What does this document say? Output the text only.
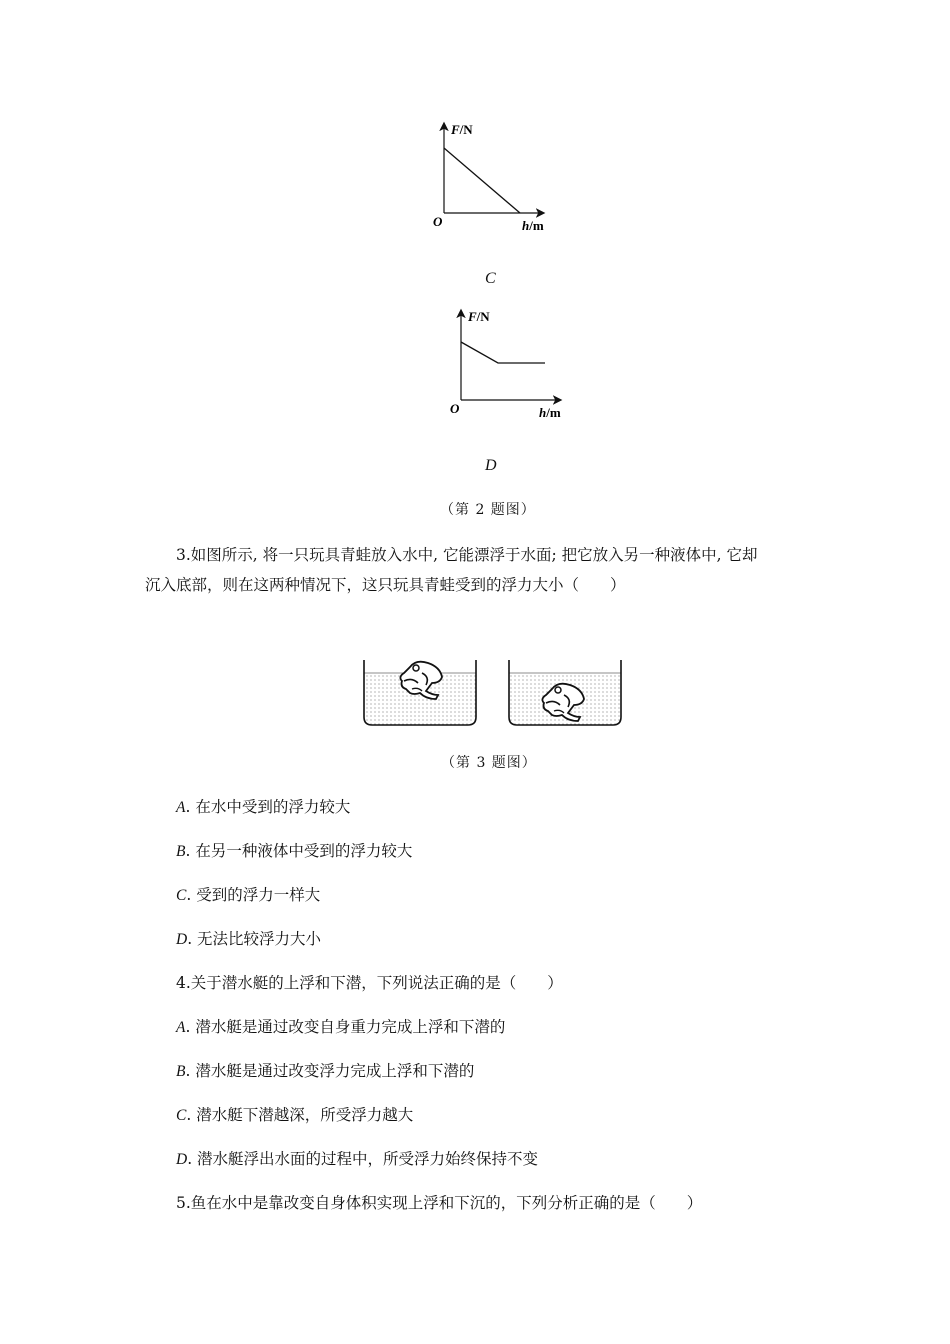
F/N
O	h/m
C
F/N
O	h/m
D
（第 2 题图）
3.如图所示, 将一只玩具青蛙放入水中, 它能漂浮于水面; 把它放入另一种液体中, 它却
沉入底部，则在这两种情况下，这只玩具青蛙受到的浮力大小（　　）
（第 3 题图）
A. 在水中受到的浮力较大
B. 在另一种液体中受到的浮力较大
C. 受到的浮力一样大
D. 无法比较浮力大小
4.关于潜水艇的上浮和下潜，下列说法正确的是（　　）
A. 潜水艇是通过改变自身重力完成上浮和下潜的
B. 潜水艇是通过改变浮力完成上浮和下潜的
C. 潜水艇下潜越深，所受浮力越大
D. 潜水艇浮出水面的过程中，所受浮力始终保持不变
5.鱼在水中是靠改变自身体积实现上浮和下沉的，下列分析正确的是（　　）
